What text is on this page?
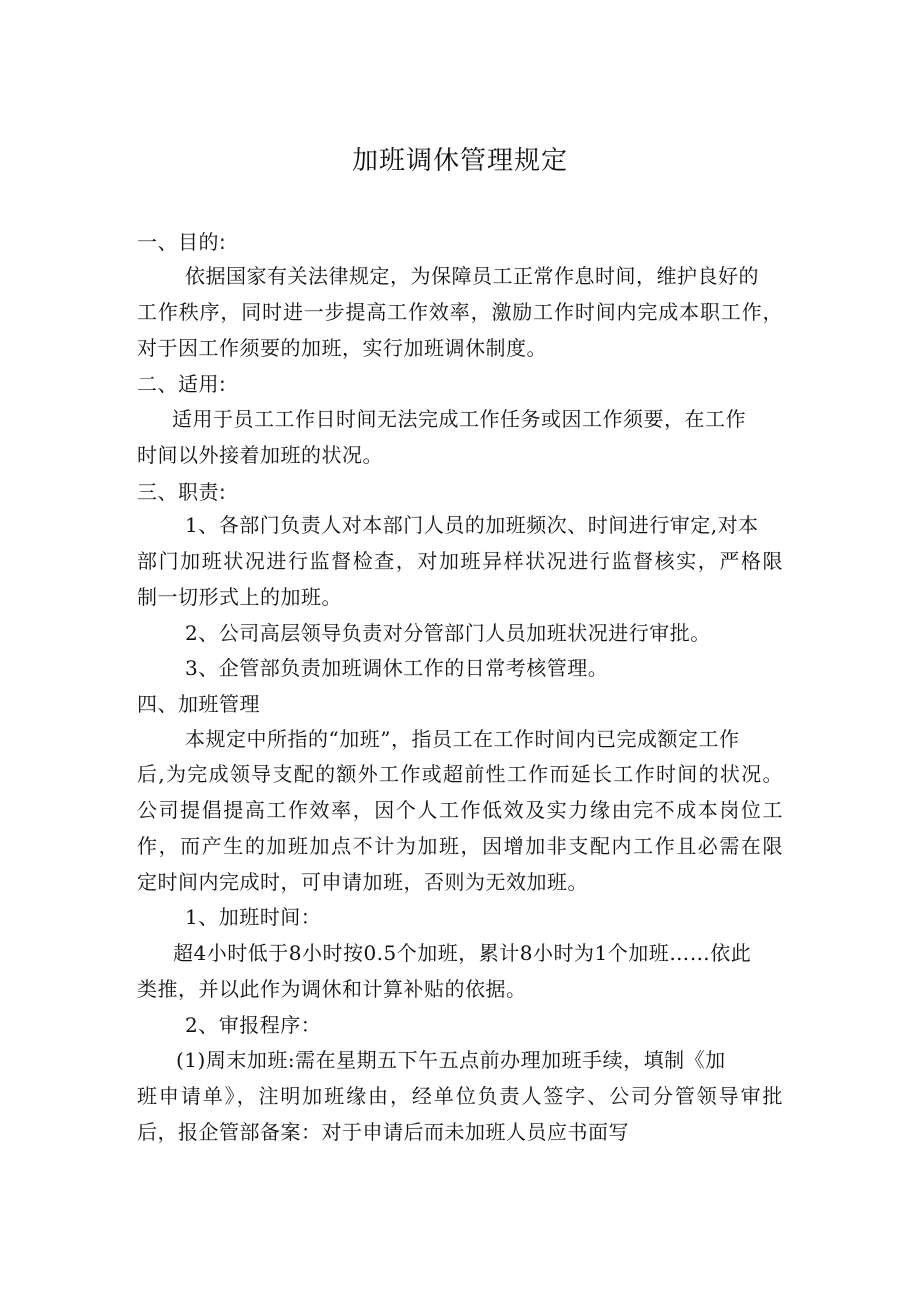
加班调休管理规定
一、目的:
依据国家有关法律规定，为保障员工正常作息时间，维护良好的
工作秩序，同时进一步提高工作效率，激励工作时间内完成本职工作，
对于因工作须要的加班，实行加班调休制度。
二、适用:
适用于员工工作日时间无法完成工作任务或因工作须要，在工作
时间以外接着加班的状况。
三、职责:
1、各部门负责人对本部门人员的加班频次、时间进行审定,对本
部门加班状况进行监督检查，对加班异样状况进行监督核实，严格限
制一切形式上的加班。
2、公司高层领导负责对分管部门人员加班状况进行审批。
3、企管部负责加班调休工作的日常考核管理。
四、加班管理
本规定中所指的“加班”，指员工在工作时间内已完成额定工作
后,为完成领导支配的额外工作或超前性工作而延长工作时间的状况。
公司提倡提高工作效率，因个人工作低效及实力缘由完不成本岗位工
作，而产生的加班加点不计为加班，因增加非支配内工作且必需在限
定时间内完成时，可申请加班，否则为无效加班。
1、加班时间：
超4小时低于8小时按0.5个加班，累计8小时为1个加班……依此
类推，并以此作为调休和计算补贴的依据。
2、审报程序：
(1)周末加班:需在星期五下午五点前办理加班手续，填制《加
班申请单》，注明加班缘由，经单位负责人签字、公司分管领导审批
后，报企管部备案：对于申请后而未加班人员应书面写
